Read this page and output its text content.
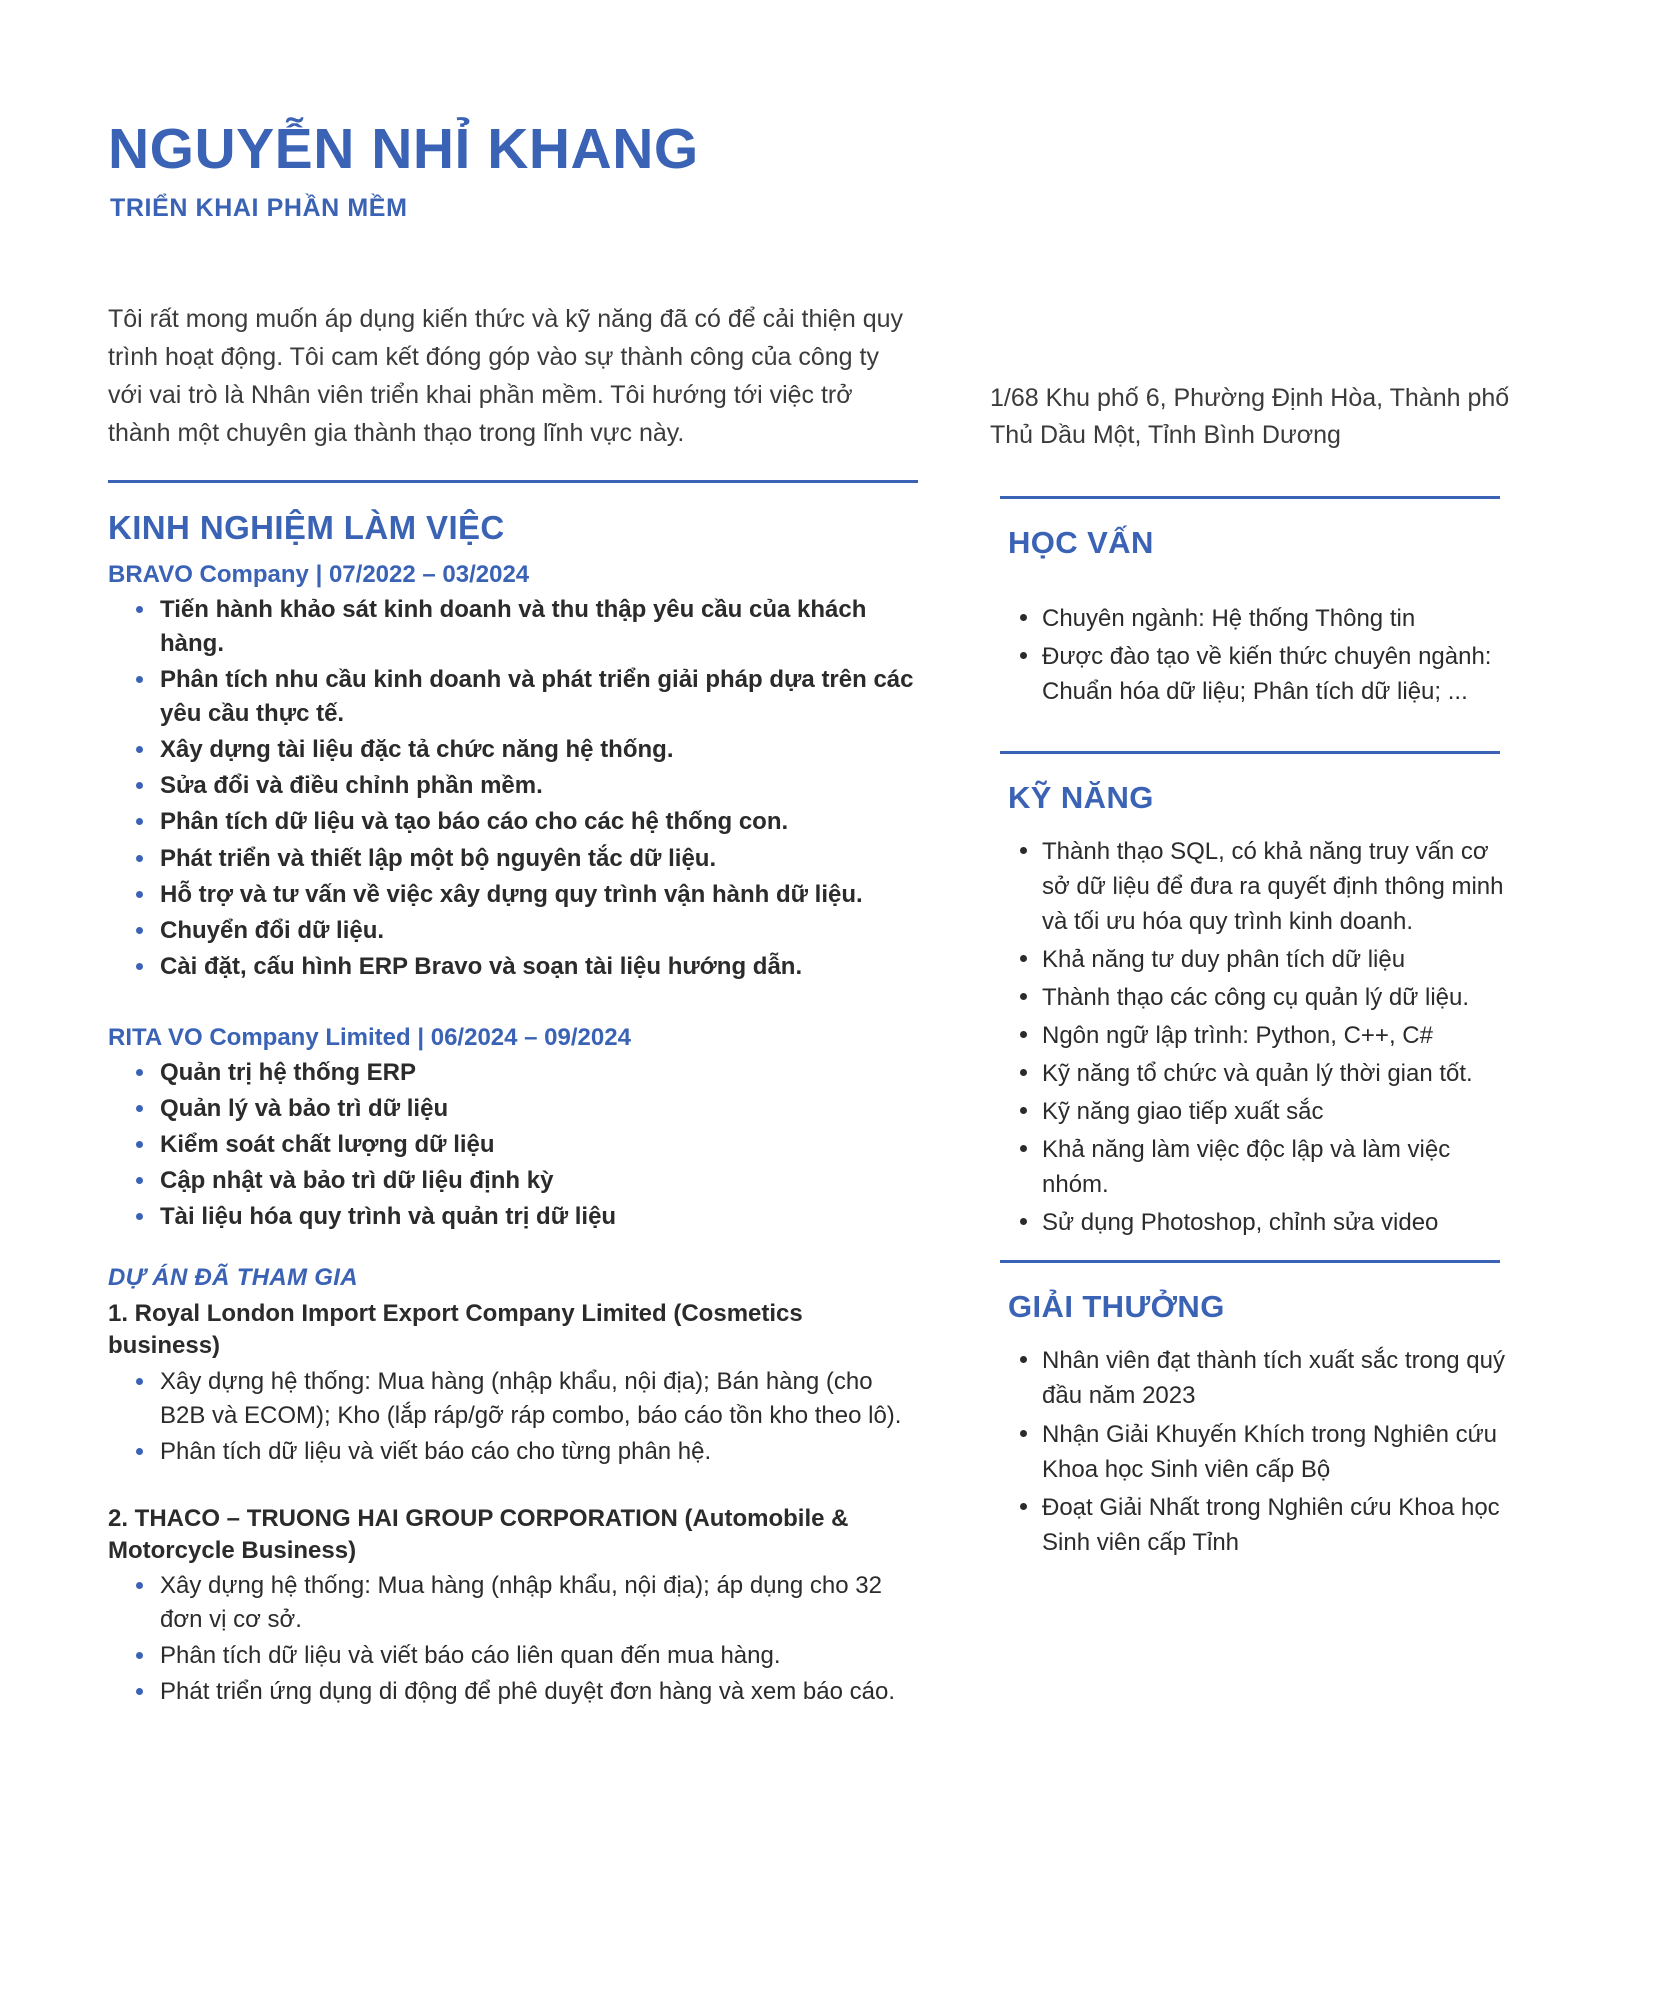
NGUYỄN NHỈ KHANG
TRIỂN KHAI PHẦN MỀM

Tôi rất mong muốn áp dụng kiến thức và kỹ năng đã có để cải thiện quy trình hoạt động. Tôi cam kết đóng góp vào sự thành công của công ty với vai trò là Nhân viên triển khai phần mềm. Tôi hướng tới việc trở thành một chuyên gia thành thạo trong lĩnh vực này.

KINH NGHIỆM LÀM VIỆC
BRAVO Company | 07/2022 – 03/2024
Tiến hành khảo sát kinh doanh và thu thập yêu cầu của khách hàng.
Phân tích nhu cầu kinh doanh và phát triển giải pháp dựa trên các yêu cầu thực tế.
Xây dựng tài liệu đặc tả chức năng hệ thống.
Sửa đổi và điều chỉnh phần mềm.
Phân tích dữ liệu và tạo báo cáo cho các hệ thống con.
Phát triển và thiết lập một bộ nguyên tắc dữ liệu.
Hỗ trợ và tư vấn về việc xây dựng quy trình vận hành dữ liệu.
Chuyển đổi dữ liệu.
Cài đặt, cấu hình ERP Bravo và soạn tài liệu hướng dẫn.
RITA VO Company Limited | 06/2024 – 09/2024
Quản trị hệ thống ERP
Quản lý và bảo trì dữ liệu
Kiểm soát chất lượng dữ liệu
Cập nhật và bảo trì dữ liệu định kỳ
Tài liệu hóa quy trình và quản trị dữ liệu
DỰ ÁN ĐÃ THAM GIA
1. Royal London Import Export Company Limited (Cosmetics business)
Xây dựng hệ thống: Mua hàng (nhập khẩu, nội địa); Bán hàng (cho B2B và ECOM); Kho (lắp ráp/gỡ ráp combo, báo cáo tồn kho theo lô).
Phân tích dữ liệu và viết báo cáo cho từng phân hệ.
2. THACO – TRUONG HAI GROUP CORPORATION (Automobile & Motorcycle Business)
Xây dựng hệ thống: Mua hàng (nhập khẩu, nội địa); áp dụng cho 32 đơn vị cơ sở.
Phân tích dữ liệu và viết báo cáo liên quan đến mua hàng.
Phát triển ứng dụng di động để phê duyệt đơn hàng và xem báo cáo.

1/68 Khu phố 6, Phường Định Hòa, Thành phố Thủ Dầu Một, Tỉnh Bình Dương

HỌC VẤN
Chuyên ngành: Hệ thống Thông tin
Được đào tạo về kiến thức chuyên ngành: Chuẩn hóa dữ liệu; Phân tích dữ liệu; ...
KỸ NĂNG
Thành thạo SQL, có khả năng truy vấn cơ sở dữ liệu để đưa ra quyết định thông minh và tối ưu hóa quy trình kinh doanh.
Khả năng tư duy phân tích dữ liệu
Thành thạo các công cụ quản lý dữ liệu.
Ngôn ngữ lập trình: Python, C++, C#
Kỹ năng tổ chức và quản lý thời gian tốt.
Kỹ năng giao tiếp xuất sắc
Khả năng làm việc độc lập và làm việc nhóm.
Sử dụng Photoshop, chỉnh sửa video
GIẢI THƯỞNG
Nhân viên đạt thành tích xuất sắc trong quý đầu năm 2023
Nhận Giải Khuyến Khích trong Nghiên cứu Khoa học Sinh viên cấp Bộ
Đoạt Giải Nhất trong Nghiên cứu Khoa học Sinh viên cấp Tỉnh
